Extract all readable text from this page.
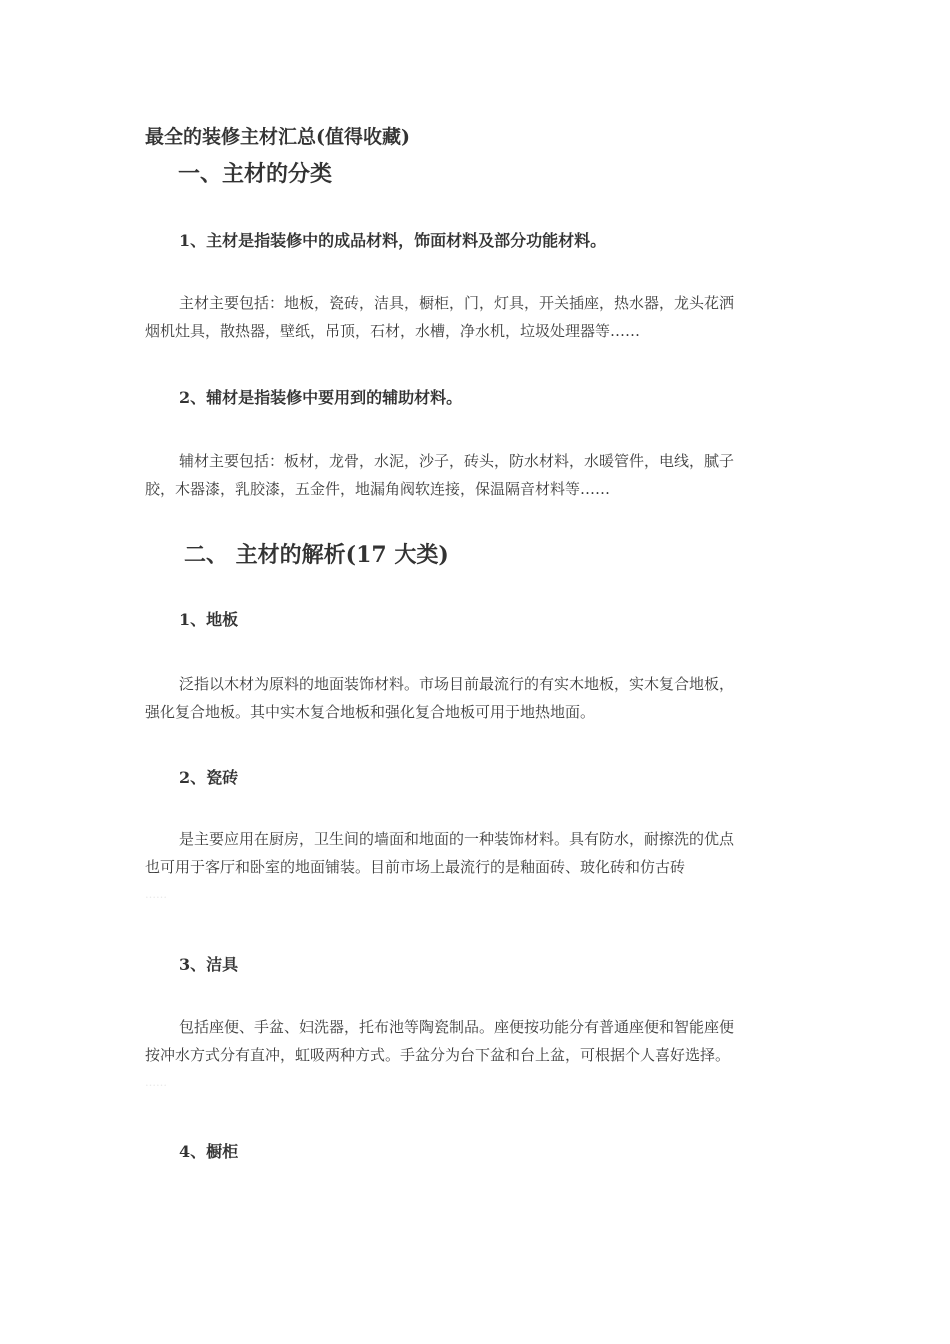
最全的装修主材汇总(值得收藏)
一、主材的分类
1、主材是指装修中的成品材料，饰面材料及部分功能材料。
主材主要包括：地板，瓷砖，洁具，橱柜，门，灯具，开关插座，热水器，龙头花洒
烟机灶具，散热器，壁纸，吊顶，石材，水槽，净水机，垃圾处理器等……
2、辅材是指装修中要用到的辅助材料。
辅材主要包括：板材，龙骨，水泥，沙子，砖头，防水材料，水暖管件，电线，腻子
胶，木器漆，乳胶漆，五金件，地漏角阀软连接，保温隔音材料等……
二、 主材的解析(17 大类)
1、地板
泛指以木材为原料的地面装饰材料。市场目前最流行的有实木地板，实木复合地板，
强化复合地板。其中实木复合地板和强化复合地板可用于地热地面。
2、瓷砖
是主要应用在厨房，卫生间的墙面和地面的一种装饰材料。具有防水，耐擦洗的优点
也可用于客厅和卧室的地面铺装。目前市场上最流行的是釉面砖、玻化砖和仿古砖
……
3、洁具
包括座便、手盆、妇洗器，托布池等陶瓷制品。座便按功能分有普通座便和智能座便
按冲水方式分有直冲，虹吸两种方式。手盆分为台下盆和台上盆，可根据个人喜好选择。
……
4、橱柜
